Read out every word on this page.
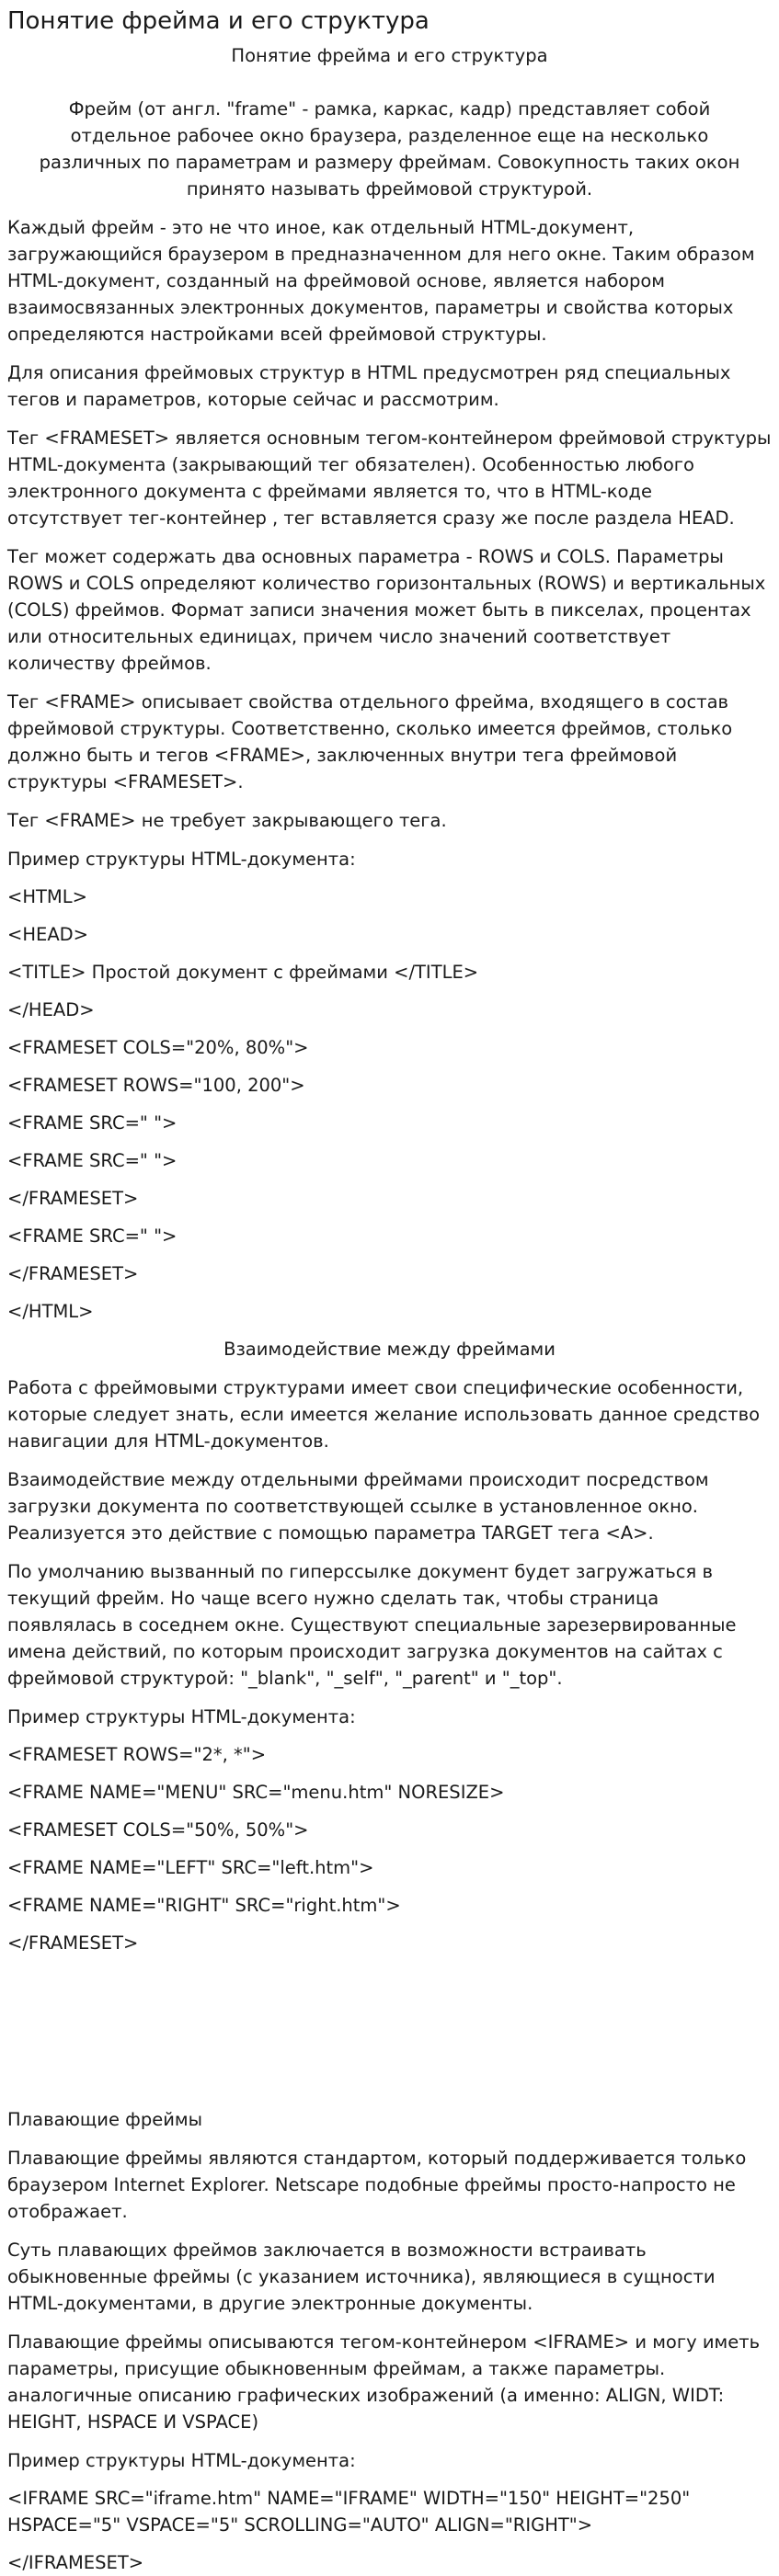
Понятие фрейма и его структура
Понятие фрейма и его структура

Фрейм (от англ. "frame" - рамка, каркас, кадр) представляет собой отдельное рабочее окно браузера, разделенное еще на несколько различных по параметрам и размеру фреймам. Совокупность таких окон принято называть фреймовой структурой.

Каждый фрейм - это не что иное, как отдельный HTML-документ, загружающийся браузером в предназначенном для него окне. Таким образом HTML-документ, созданный на фреймовой основе, является набором взаимосвязанных электронных документов, параметры и свойства которых определяются настройками всей фреймовой структуры.

Для описания фреймовых структур в HTML предусмотрен ряд специальных тегов и параметров, которые сейчас и рассмотрим.

Тег <FRAMESET> является основным тегом-контейнером фреймовой структуры HTML-документа (закрывающий тег обязателен). Особенностью любого электронного документа с фреймами является то, что в HTML-коде отсутствует тег-контейнер , тег вставляется сразу же после раздела HEAD.

Тег может содержать два основных параметра - ROWS и COLS. Параметры ROWS и COLS определяют количество горизонтальных (ROWS) и вертикальных (COLS) фреймов. Формат записи значения может быть в пикселах, процентах или относительных единицах, причем число значений соответствует количеству фреймов.

Тег <FRAME> описывает свойства отдельного фрейма, входящего в состав фреймовой структуры. Соответственно, сколько имеется фреймов, столько должно быть и тегов <FRAME>, заключенных внутри тега фреймовой структуры <FRAMESET>.

Тег <FRAME> не требует закрывающего тега.

Пример структуры HTML-документа:

<HTML>

<HEAD>

<TITLE> Простой документ с фреймами </TITLE>

</HEAD>

<FRAMESET COLS="20%, 80%">

<FRAMESET ROWS="100, 200">

<FRAME SRC=" ">

<FRAME SRC=" ">

</FRAMESET>

<FRAME SRC=" ">

</FRAMESET>

</HTML>

Взаимодействие между фреймами

Работа с фреймовыми структурами имеет свои специфические особенности, которые следует знать, если имеется желание использовать данное средство навигации для HTML-документов.

Взаимодействие между отдельными фреймами происходит посредством загрузки документа по соответствующей ссылке в установленное окно. Реализуется это действие с помощью параметра TARGET тега <A>.

По умолчанию вызванный по гиперссылке документ будет загружаться в текущий фрейм. Но чаще всего нужно сделать так, чтобы страница появлялась в соседнем окне. Существуют специальные зарезервированные имена действий, по которым происходит загрузка документов на сайтах с фреймовой структурой: "_blank", "_self", "_parent" и "_top".

Пример структуры HTML-документа:

<FRAMESET ROWS="2*, *">

<FRAME NAME="MENU" SRC="menu.htm" NORESIZE>

<FRAMESET COLS="50%, 50%">

<FRAME NAME="LEFT" SRC="left.htm">

<FRAME NAME="RIGHT" SRC="right.htm">

</FRAMESET>

Плавающие фреймы

Плавающие фреймы являются стандартом, который поддерживается только браузером Internet Explorer. Netscape подобные фреймы просто-напросто не отображает.

Суть плавающих фреймов заключается в возможности встраивать обыкновенные фреймы (с указанием источника), являющиеся в сущности HTML-документами, в другие электронные документы.

Плавающие фреймы описываются тегом-контейнером <IFRAME> и могу иметь параметры, присущие обыкновенным фреймам, а также параметры. аналогичные описанию графических изображений (а именно: ALIGN, WIDT: HEIGHT, HSPACE И VSPACE)

Пример структуры HTML-документа:

<IFRAME SRC="iframe.htm" NAME="IFRAME" WIDTH="150" HEIGHT="250" HSPACE="5" VSPACE="5" SCROLLING="AUTO" ALIGN="RIGHT">

</IFRAMESET>
